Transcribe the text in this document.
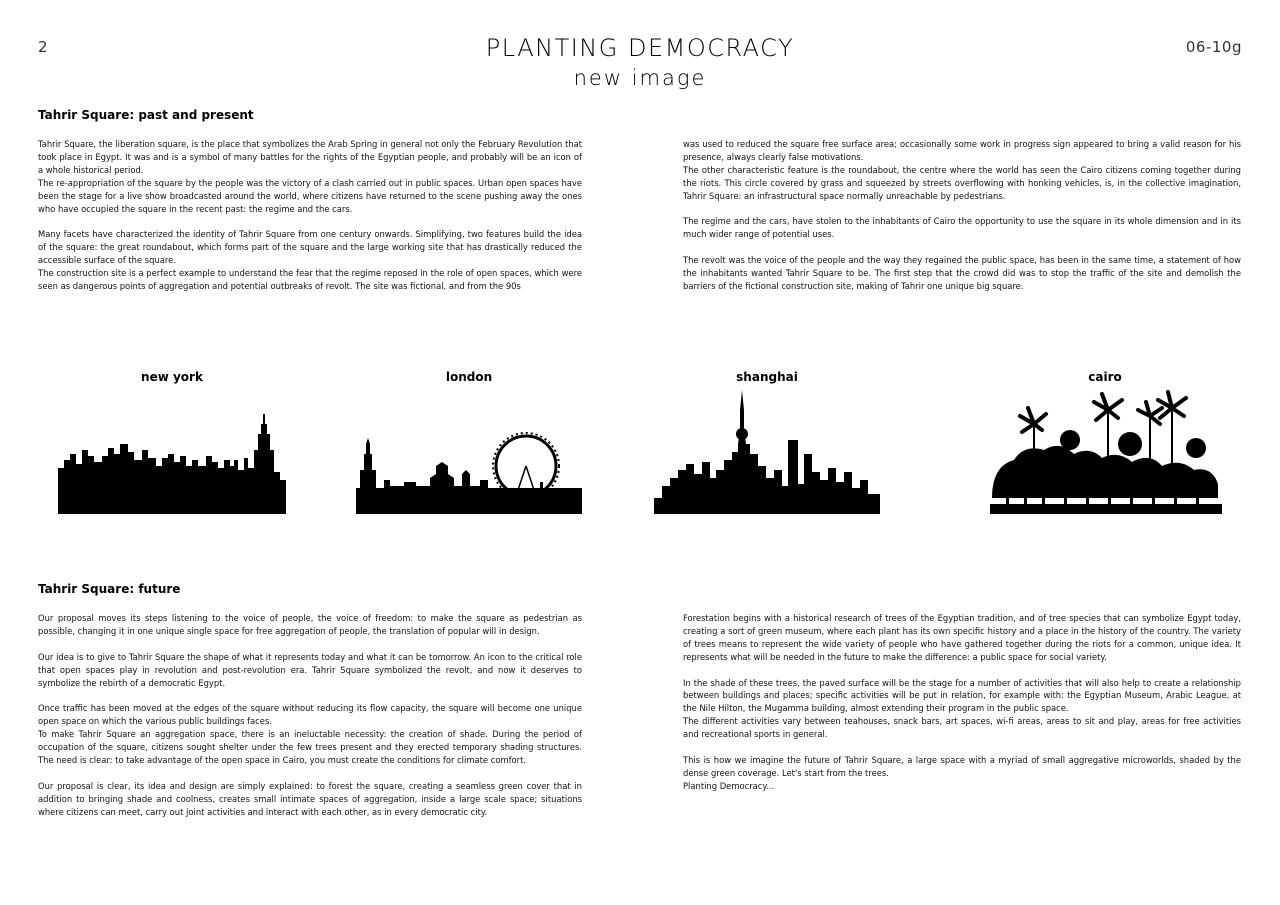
2	PLANTING DEMOCRACY
new image
06-10g
Tahrir Square: past and present

Tahrir Square, the liberation square, is the place that symbolizes the Arab Spring in general not only the February Revolution that took place in Egypt. It was and is a symbol of many battles for the rights of the Egyptian people, and probably will be an icon of a whole historical period.

The re-appropriation of the square by the people was the victory of a clash carried out in public spaces. Urban open spaces have been the stage for a live show broadcasted around the world, where citizens have returned to the scene pushing away the ones who have occupied the square in the recent past: the regime and the cars.

Many facets have characterized the identity of Tahrir Square from one century onwards. Simplifying, two features build the idea of the square: the great roundabout, which forms part of the square and the large working site that has drastically reduced the accessible surface of the square.

The construction site is a perfect example to understand the fear that the regime reposed in the role of open spaces, which were seen as dangerous points of aggregation and potential outbreaks of revolt. The site was fictional, and from the 90s

was used to reduced the square free surface area; occasionally some work in progress sign appeared to bring a valid reason for his presence, always clearly false motivations.

The other characteristic feature is the roundabout, the centre where the world has seen the Cairo citizens coming together during the riots. This circle covered by grass and squeezed by streets overflowing with honking vehicles, is, in the collective imagination, Tahrir Square: an infrastructural space normally unreachable by pedestrians.

The regime and the cars, have stolen to the inhabitants of Cairo the opportunity to use the square in its whole dimension and in its much wider range of potential uses.

The revolt was the voice of the people and the way they regained the public space, has been in the same time, a statement of how the inhabitants wanted Tahrir Square to be. The first step that the crowd did was to stop the traffic of the site and demolish the barriers of the fictional construction site, making of Tahrir one unique big square.

new york	london	shanghai	cairo
Tahrir Square: future

Our proposal moves its steps listening to the voice of people, the voice of freedom: to make the square as pedestrian as possible, changing it in one unique single space for free aggregation of people, the translation of popular will in design.

Our idea is to give to Tahrir Square the shape of what it represents today and what it can be tomorrow. An icon to the critical role that open spaces play in revolution and post-revolution era. Tahrir Square symbolized the revolt, and now it deserves to symbolize the rebirth of a democratic Egypt.

Once traffic has been moved at the edges of the square without reducing its flow capacity, the square will become one unique open space on which the various public buildings faces.

To make Tahrir Square an aggregation space, there is an ineluctable necessity: the creation of shade. During the period of occupation of the square, citizens sought shelter under the few trees present and they erected temporary shading structures. The need is clear: to take advantage of the open space in Cairo, you must create the conditions for climate comfort.

Our proposal is clear, its idea and design are simply explained: to forest the square, creating a seamless green cover that in addition to bringing shade and coolness, creates small intimate spaces of aggregation, inside a large scale space; situations where citizens can meet, carry out joint activities and interact with each other, as in every democratic city.

Forestation begins with a historical research of trees of the Egyptian tradition, and of tree species that can symbolize Egypt today, creating a sort of green museum, where each plant has its own specific history and a place in the history of the country. The variety of trees means to represent the wide variety of people who have gathered together during the riots for a common, unique idea. It represents what will be needed in the future to make the difference: a public space for social variety.

In the shade of these trees, the paved surface will be the stage for a number of activities that will also help to create a relationship between buildings and places; specific activities will be put in relation, for example with: the Egyptian Museum, Arabic League, at the Nile Hilton, the Mugamma building, almost extending their program in the public space.

The different activities vary between teahouses, snack bars, art spaces, wi-fi areas, areas to sit and play, areas for free activities and recreational sports in general.

This is how we imagine the future of Tahrir Square, a large space with a myriad of small aggregative microworlds, shaded by the dense green coverage. Let's start from the trees.

Planting Democracy...
